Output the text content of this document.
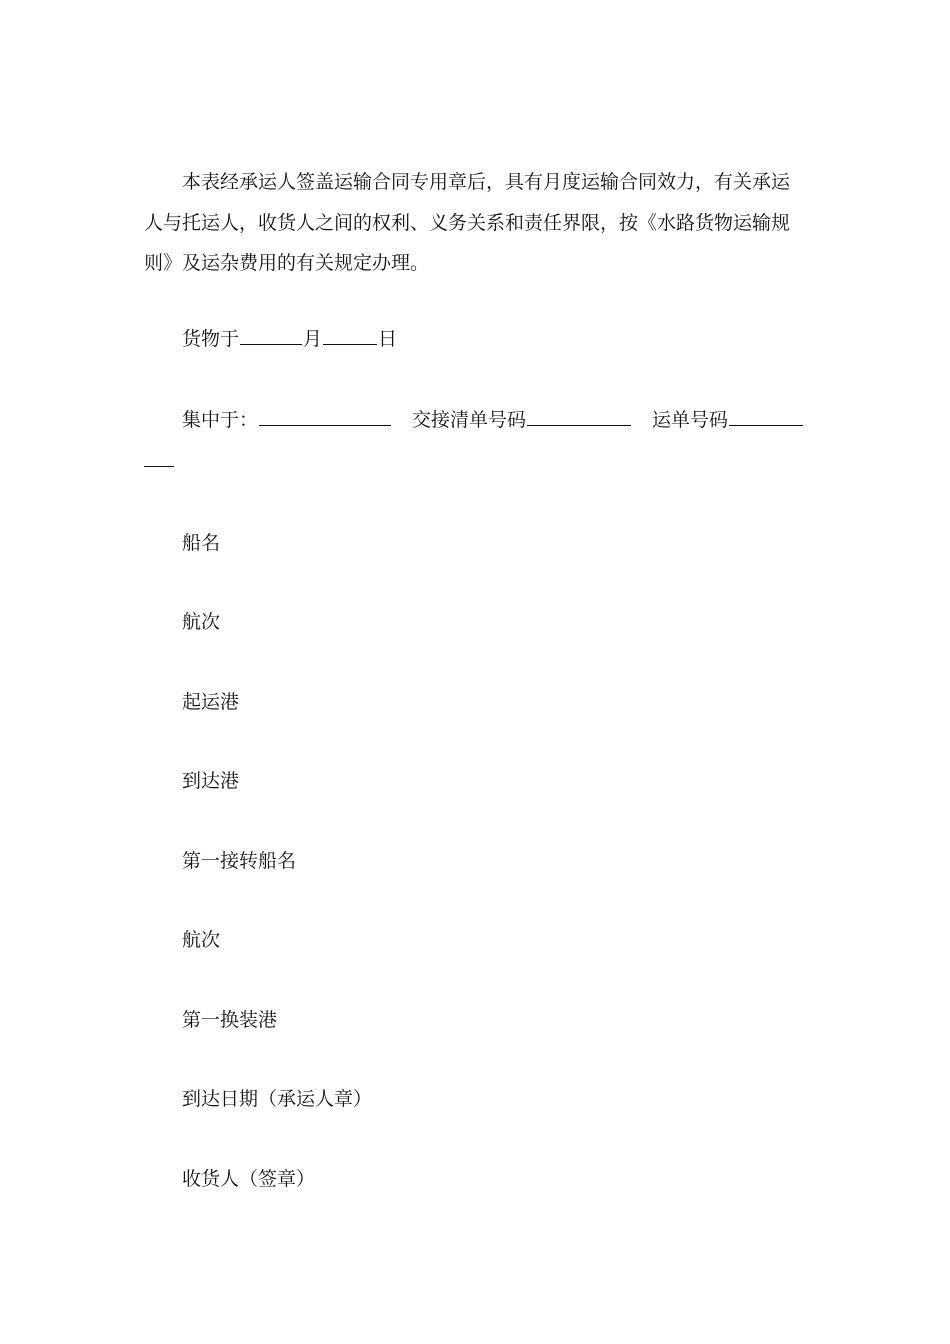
本表经承运人签盖运输合同专用章后，具有月度运输合同效力，有关承运人与托运人，收货人之间的权利、义务关系和责任界限，按《水路货物运输规则》及运杂费用的有关规定办理。

货物于	月	日
集中于：	交接清单号码	运单号码
船名
航次
起运港
到达港
第一接转船名
航次
第一换装港
到达日期（承运人章）
收货人（签章）
